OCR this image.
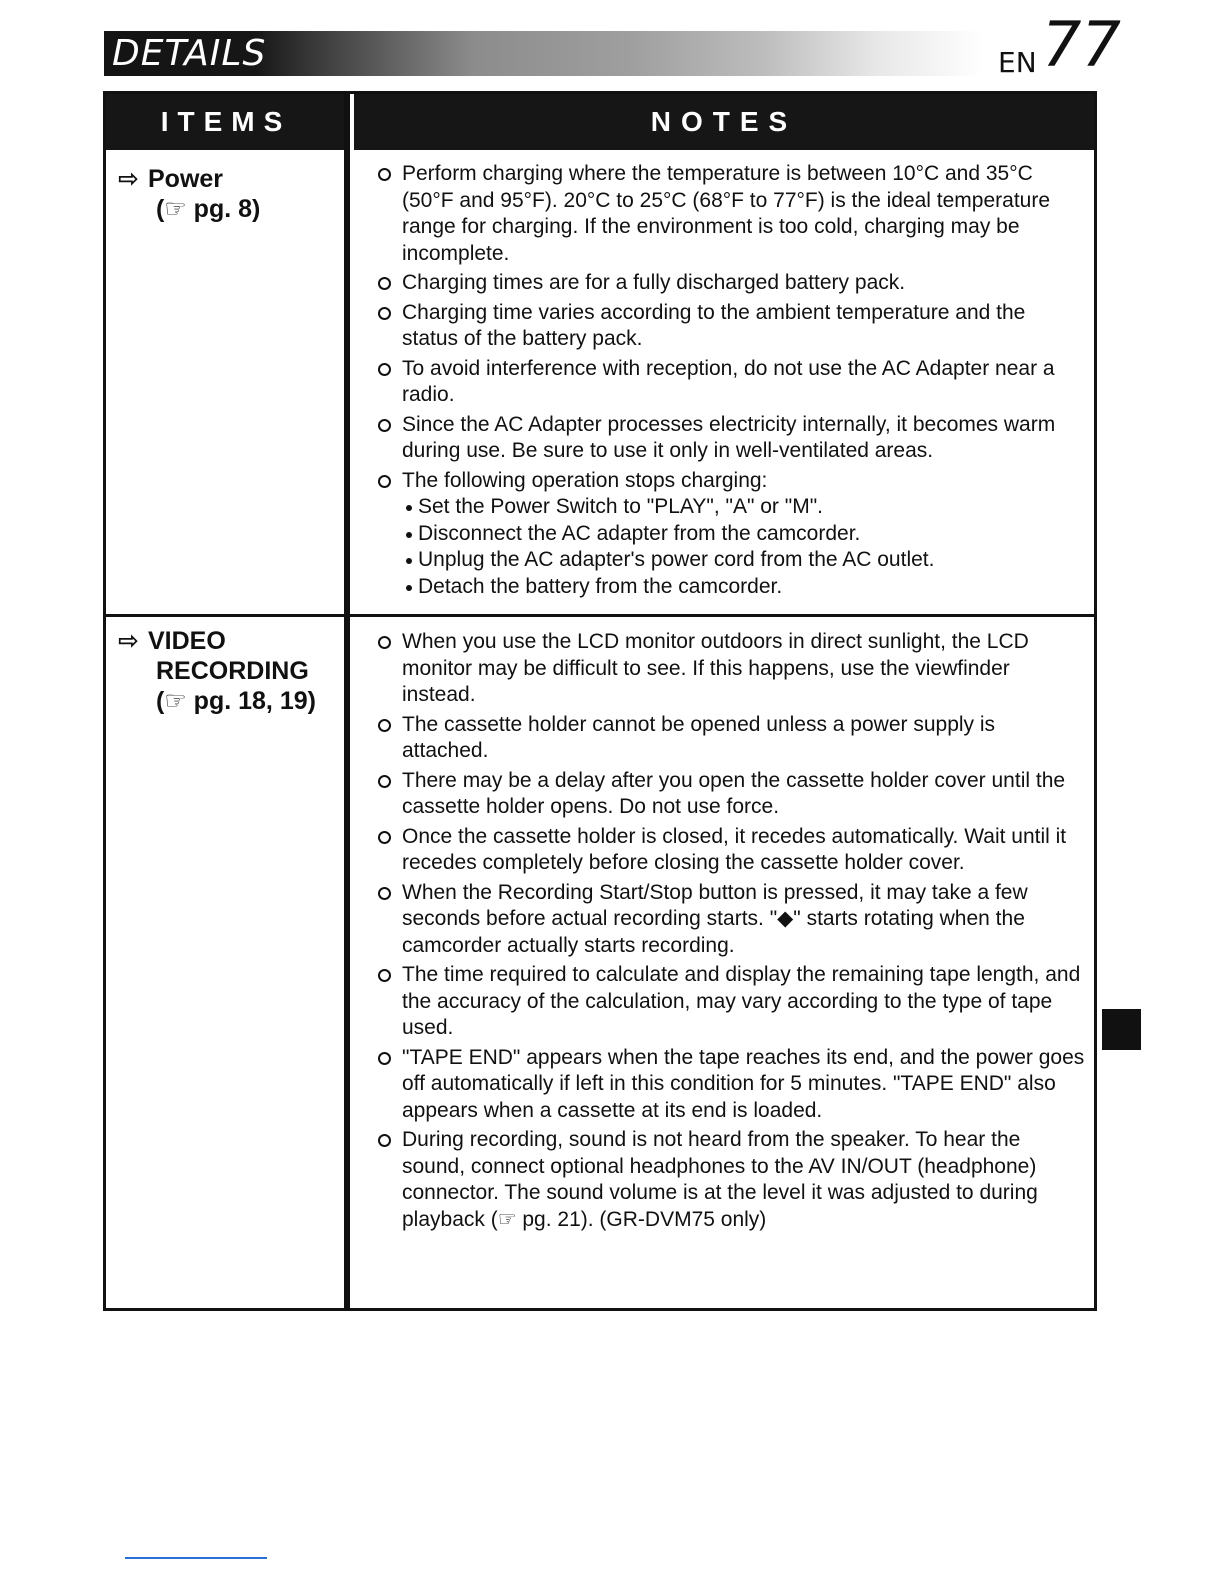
DETAILS	EN 77
ITEMS	NOTES
⇨ Power
(☞ pg. 8)
Perform charging where the temperature is between 10°C and 35°C (50°F and 95°F). 20°C to 25°C (68°F to 77°F) is the ideal temperature range for charging. If the environment is too cold, charging may be incomplete.
Charging times are for a fully discharged battery pack.
Charging time varies according to the ambient temperature and the status of the battery pack.
To avoid interference with reception, do not use the AC Adapter near a radio.
Since the AC Adapter processes electricity internally, it becomes warm during use. Be sure to use it only in well-ventilated areas.
The following operation stops charging:
Set the Power Switch to "PLAY", "A" or "M".
Disconnect the AC adapter from the camcorder.
Unplug the AC adapter's power cord from the AC outlet.
Detach the battery from the camcorder.
⇨ VIDEO
RECORDING
(☞ pg. 18, 19)
When you use the LCD monitor outdoors in direct sunlight, the LCD monitor may be difficult to see. If this happens, use the viewfinder instead.
The cassette holder cannot be opened unless a power supply is attached.
There may be a delay after you open the cassette holder cover until the cassette holder opens. Do not use force.
Once the cassette holder is closed, it recedes automatically. Wait until it recedes completely before closing the cassette holder cover.
When the Recording Start/Stop button is pressed, it may take a few seconds before actual recording starts. "◆" starts rotating when the camcorder actually starts recording.
The time required to calculate and display the remaining tape length, and the accuracy of the calculation, may vary according to the type of tape used.
"TAPE END" appears when the tape reaches its end, and the power goes off automatically if left in this condition for 5 minutes. "TAPE END" also appears when a cassette at its end is loaded.
During recording, sound is not heard from the speaker. To hear the sound, connect optional headphones to the AV IN/OUT (headphone) connector. The sound volume is at the level it was adjusted to during playback (☞ pg. 21). (GR-DVM75 only)
